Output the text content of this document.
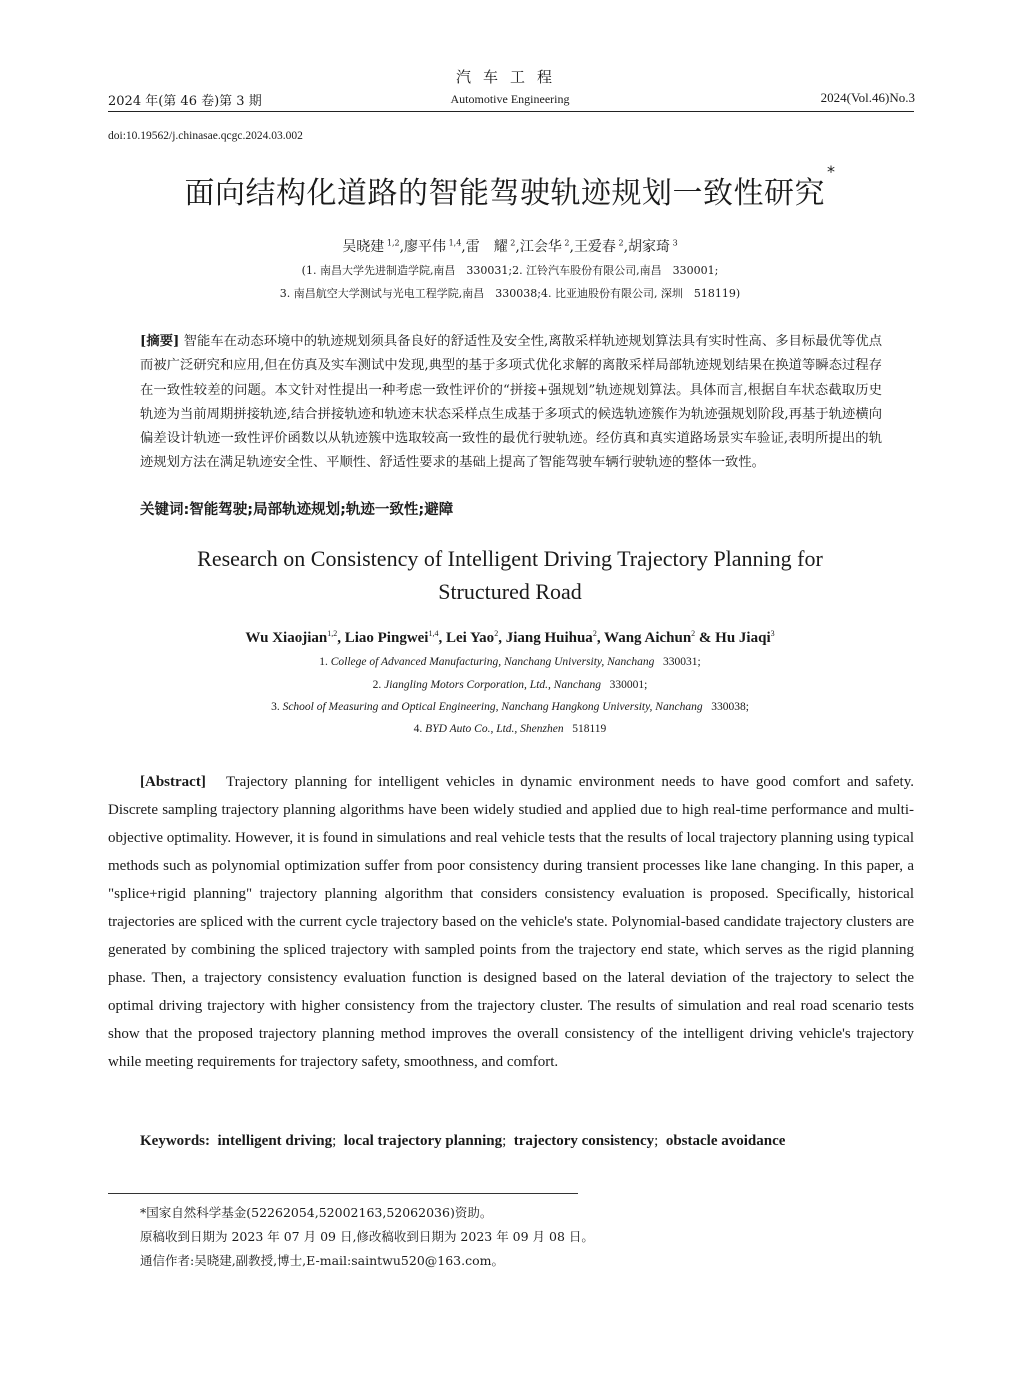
汽车工程
2024 年(第 46 卷)第 3 期	Automotive Engineering	2024(Vol.46)No.3
doi:10.19562/j.chinasae.qcgc.2024.03.002
面向结构化道路的智能驾驶轨迹规划一致性研究*
吴晓建 $^{1,2}$,廖平伟 $^{1,4}$,雷　耀 $^2$,江会华 $^2$,王爱春 $^2$,胡家琦 $^3$
(1. 南昌大学先进制造学院,南昌　330031;2. 江铃汽车股份有限公司,南昌　330001;
3. 南昌航空大学测试与光电工程学院,南昌　330038;4. 比亚迪股份有限公司, 深圳　518119)
[摘要] 智能车在动态环境中的轨迹规划须具备良好的舒适性及安全性,离散采样轨迹规划算法具有实时性高、多目标最优等优点而被广泛研究和应用,但在仿真及实车测试中发现,典型的基于多项式优化求解的离散采样局部轨迹规划结果在换道等瞬态过程存在一致性较差的问题。本文针对性提出一种考虑一致性评价的“拼接+强规划”轨迹规划算法。具体而言,根据自车状态截取历史轨迹为当前周期拼接轨迹,结合拼接轨迹和轨迹末状态采样点生成基于多项式的候选轨迹簇作为轨迹强规划阶段,再基于轨迹横向偏差设计轨迹一致性评价函数以从轨迹簇中选取较高一致性的最优行驶轨迹。经仿真和真实道路场景实车验证,表明所提出的轨迹规划方法在满足轨迹安全性、平顺性、舒适性要求的基础上提高了智能驾驶车辆行驶轨迹的整体一致性。
关键词:智能驾驶;局部轨迹规划;轨迹一致性;避障
Research on Consistency of Intelligent Driving Trajectory Planning for
Structured Road
Wu Xiaojian$^{1,2}$, Liao Pingwei$^{1,4}$, Lei Yao$^2$, Jiang Huihua$^2$, Wang Aichun$^2$ & Hu Jiaqi$^3$
1. College of Advanced Manufacturing, Nanchang University, Nanchang   330031;
2. Jiangling Motors Corporation, Ltd., Nanchang   330001;
3. School of Measuring and Optical Engineering, Nanchang Hangkong University, Nanchang   330038;
4. BYD Auto Co., Ltd., Shenzhen   518119
[Abstract] Trajectory planning for intelligent vehicles in dynamic environment needs to have good comfort and safety. Discrete sampling trajectory planning algorithms have been widely studied and applied due to high real-time performance and multi-objective optimality. However, it is found in simulations and real vehicle tests that the results of local trajectory planning using typical methods such as polynomial optimization suffer from poor consistency during transient processes like lane changing. In this paper, a "splice+rigid planning" trajectory planning algorithm that considers consistency evaluation is proposed. Specifically, historical trajectories are spliced with the current cycle trajectory based on the vehicle's state. Polynomial-based candidate trajectory clusters are generated by combining the spliced trajectory with sampled points from the trajectory end state, which serves as the rigid planning phase. Then, a trajectory consistency evaluation function is designed based on the lateral deviation of the trajectory to select the optimal driving trajectory with higher consistency from the trajectory cluster. The results of simulation and real road scenario tests show that the proposed trajectory planning method improves the overall consistency of the intelligent driving vehicle's trajectory while meeting requirements for trajectory safety, smoothness, and comfort.
Keywords:  intelligent driving;  local trajectory planning;  trajectory consistency;  obstacle avoidance
*国家自然科学基金(52262054,52002163,52062036)资助。
原稿收到日期为 2023 年 07 月 09 日,修改稿收到日期为 2023 年 09 月 08 日。
通信作者:吴晓建,副教授,博士,E-mail:saintwu520@163.com。
